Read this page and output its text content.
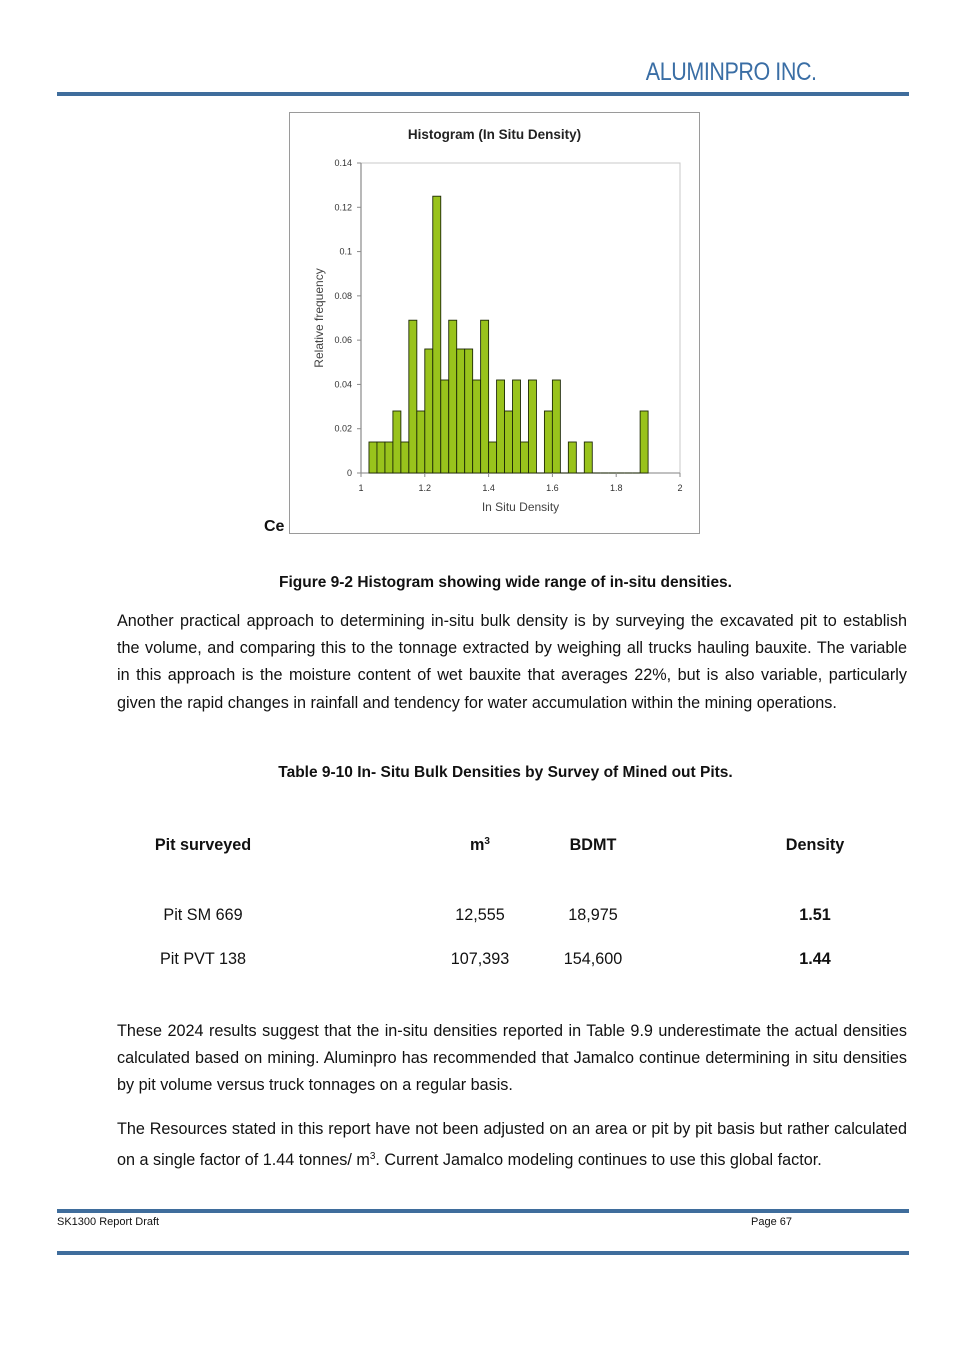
ALUMINPRO INC.
Ce
Histogram (In Situ Density)
0
0.02
0.04
0.06
0.08
0.1
0.12
0.14
1	1.2	1.4	1.6	1.8	2
In Situ Density
Relative frequency
Figure 9-2 Histogram showing wide range of in-situ densities.
Another practical approach to determining in-situ bulk density is by surveying the excavated pit to establish the volume, and comparing this to the tonnage extracted by weighing all trucks hauling bauxite. The variable in this approach is the moisture content of wet bauxite that averages 22%, but is also variable, particularly given the rapid changes in rainfall and tendency for water accumulation within the mining operations.
Table 9-10 In- Situ Bulk Densities by Survey of Mined out Pits.
Pit surveyed	$m^3$	BDMT	Density
Pit SM 669	12,555	18,975	1.51
Pit PVT 138	107,393	154,600	1.44
These 2024 results suggest that the in-situ densities reported in Table 9.9 underestimate the actual densities calculated based on mining. Aluminpro has recommended that Jamalco continue determining in situ densities by pit volume versus truck tonnages on a regular basis.
The Resources stated in this report have not been adjusted on an area or pit by pit basis but rather calculated on a single factor of 1.44 tonnes/ $m^3$. Current Jamalco modeling continues to use this global factor.
SK1300 Report Draft	Page 67
